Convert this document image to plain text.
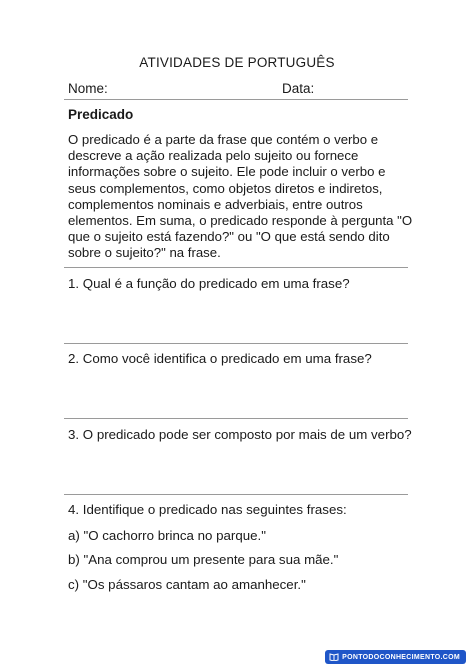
ATIVIDADES DE PORTUGUÊS
Nome:	Data:
Predicado

O predicado é a parte da frase que contém o verbo e descreve a ação realizada pelo sujeito ou fornece informações sobre o sujeito. Ele pode incluir o verbo e seus complementos, como objetos diretos e indiretos, complementos nominais e adverbiais, entre outros elementos. Em suma, o predicado responde à pergunta "O que o sujeito está fazendo?" ou "O que está sendo dito sobre o sujeito?" na frase.

1. Qual é a função do predicado em uma frase?
2. Como você identifica o predicado em uma frase?
3. O predicado pode ser composto por mais de um verbo?
4. Identifique o predicado nas seguintes frases:
a) "O cachorro brinca no parque."
b) "Ana comprou um presente para sua mãe."
c) "Os pássaros cantam ao amanhecer."
PONTODOCONHECIMENTO.COM
